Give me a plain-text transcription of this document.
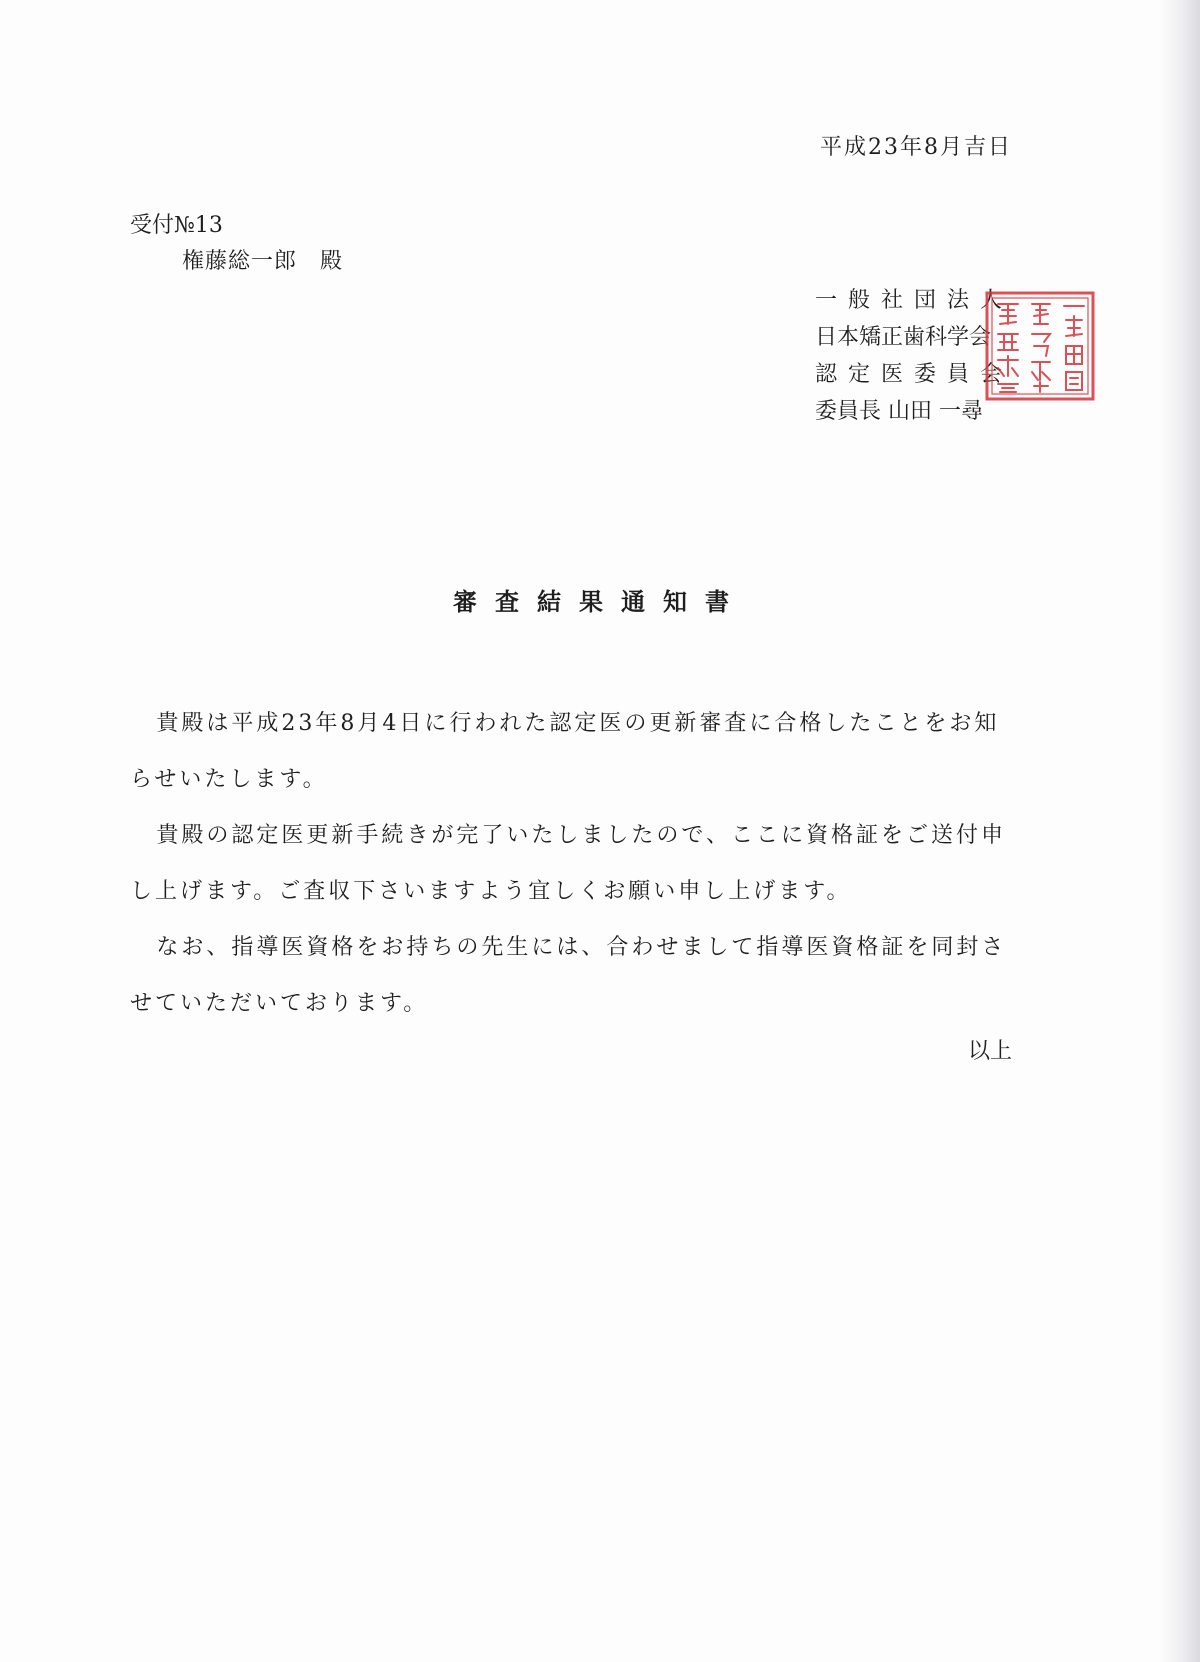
平成23年8月吉日
受付№13
権藤総一郎　殿
一般社団法人
日本矯正歯科学会
認定医委員会
委員長 山田 一尋
審査結果通知書

貴殿は平成23年8月4日に行われた認定医の更新審査に合格したことをお知らせいたします。

貴殿の認定医更新手続きが完了いたしましたので、ここに資格証をご送付申し上げます。ご査収下さいますよう宜しくお願い申し上げます。

なお、指導医資格をお持ちの先生には、合わせまして指導医資格証を同封させていただいております。

以上
